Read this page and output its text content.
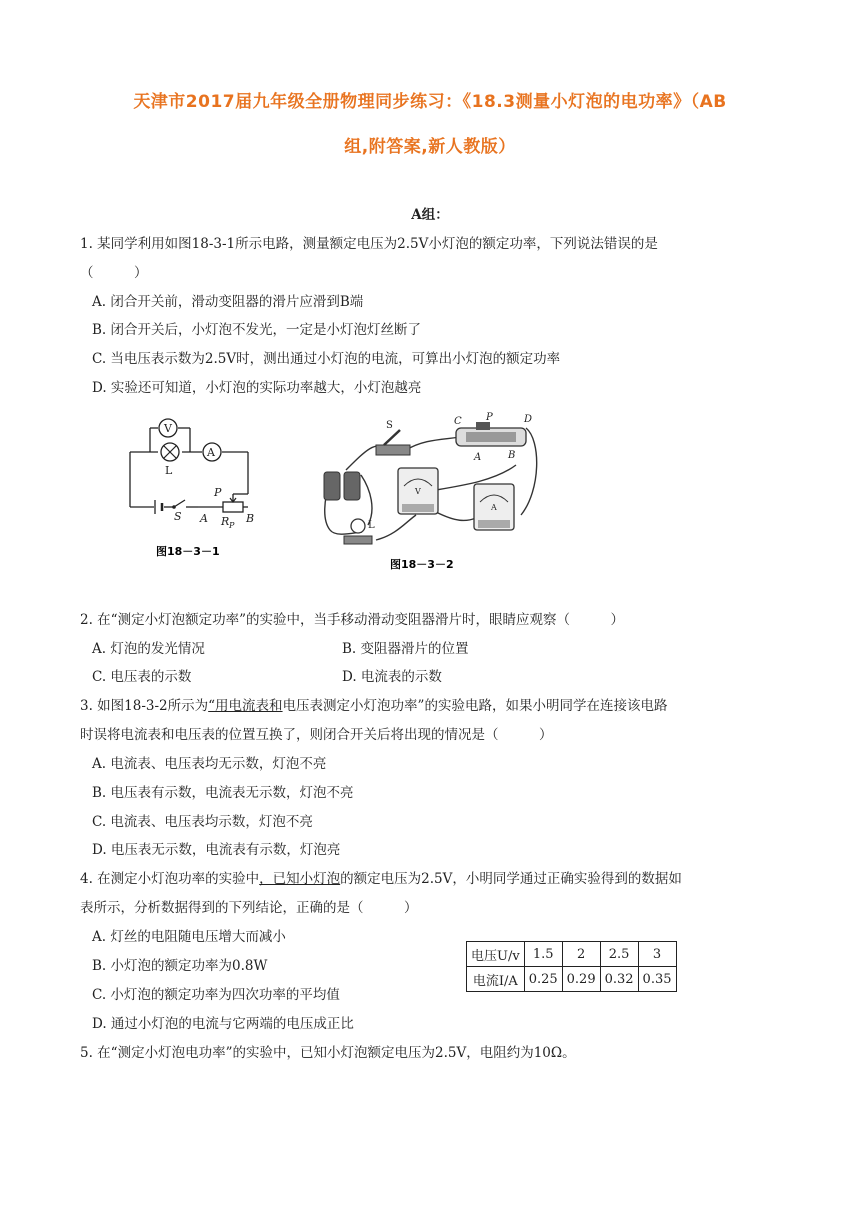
天津市2017届九年级全册物理同步练习：《18.3测量小灯泡的电功率》（AB
组,附答案,新人教版）
A组：
1. 某同学利用如图18-3-1所示电路，测量额定电压为2.5V小灯泡的额定功率，下列说法错误的是
（　　　）
A. 闭合开关前，滑动变阻器的滑片应滑到B端
B. 闭合开关后，小灯泡不发光，一定是小灯泡灯丝断了
C. 当电压表示数为2.5V时，测出通过小灯泡的电流，可算出小灯泡的额定功率
D. 实验还可知道，小灯泡的实际功率越大，小灯泡越亮
V
A
L
S
P
A R P
B
图18－3－1
C P	D
A	B
S
L
V
A
图18－3－2
2. 在“测定小灯泡额定功率”的实验中，当手移动滑动变阻器滑片时，眼睛应观察（　　　）
A. 灯泡的发光情况	B. 变阻器滑片的位置
C. 电压表的示数	D. 电流表的示数
3. 如图18-3-2所示为“用电流表和电压表测定小灯泡功率”的实验电路，如果小明同学在连接该电路
时误将电流表和电压表的位置互换了，则闭合开关后将出现的情况是（　　　）
A. 电流表、电压表均无示数，灯泡不亮
B. 电压表有示数，电流表无示数，灯泡不亮
C. 电流表、电压表均示数，灯泡不亮
D. 电压表无示数，电流表有示数，灯泡亮
4. 在测定小灯泡功率的实验中，已知小灯泡的额定电压为2.5V，小明同学通过正确实验得到的数据如
表所示，分析数据得到的下列结论，正确的是（　　　）
A. 灯丝的电阻随电压增大而减小
B. 小灯泡的额定功率为0.8W
C. 小灯泡的额定功率为四次功率的平均值
D. 通过小灯泡的电流与它两端的电压成正比
电压U/v	1.5	2	2.5	3
电流I/A	0.25	0.29	0.32	0.35
5. 在“测定小灯泡电功率”的实验中，已知小灯泡额定电压为2.5V，电阻约为10Ω。
